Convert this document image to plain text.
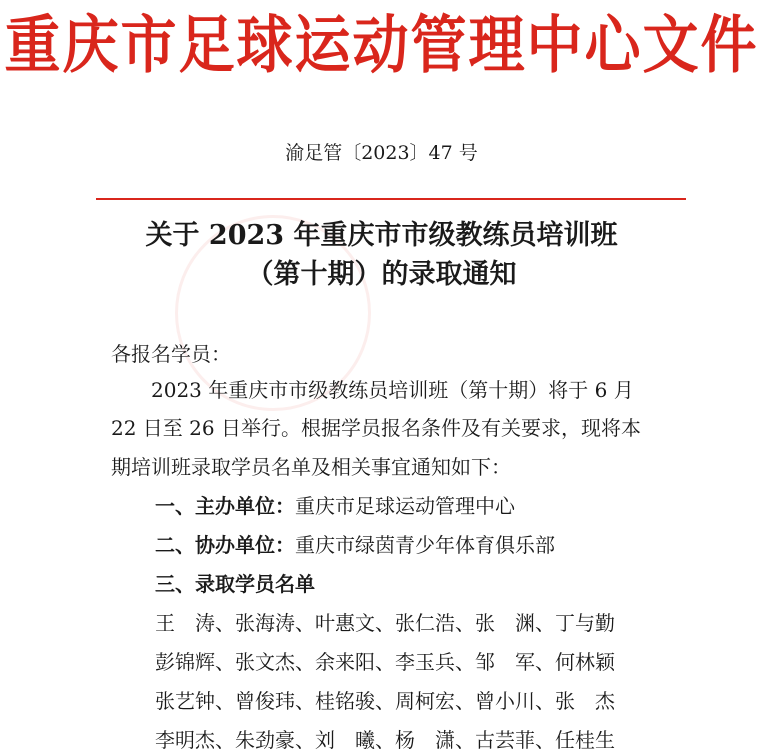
重庆市足球运动管理中心文件
渝足管〔2023〕47 号
关于 2023 年重庆市市级教练员培训班
（第十期）的录取通知
各报名学员：
2023 年重庆市市级教练员培训班（第十期）将于 6 月
22 日至 26 日举行。根据学员报名条件及有关要求，现将本
期培训班录取学员名单及相关事宜通知如下：
一、主办单位：重庆市足球运动管理中心
二、协办单位：重庆市绿茵青少年体育俱乐部
三、录取学员名单
王　涛、张海涛、叶惠文、张仁浩、张　渊、丁与勤
彭锦辉、张文杰、余来阳、李玉兵、邹　军、何林颖
张艺钟、曾俊玮、桂铭骏、周柯宏、曾小川、张　杰
李明杰、朱劲豪、刘　曦、杨　潇、古芸菲、任桂生
